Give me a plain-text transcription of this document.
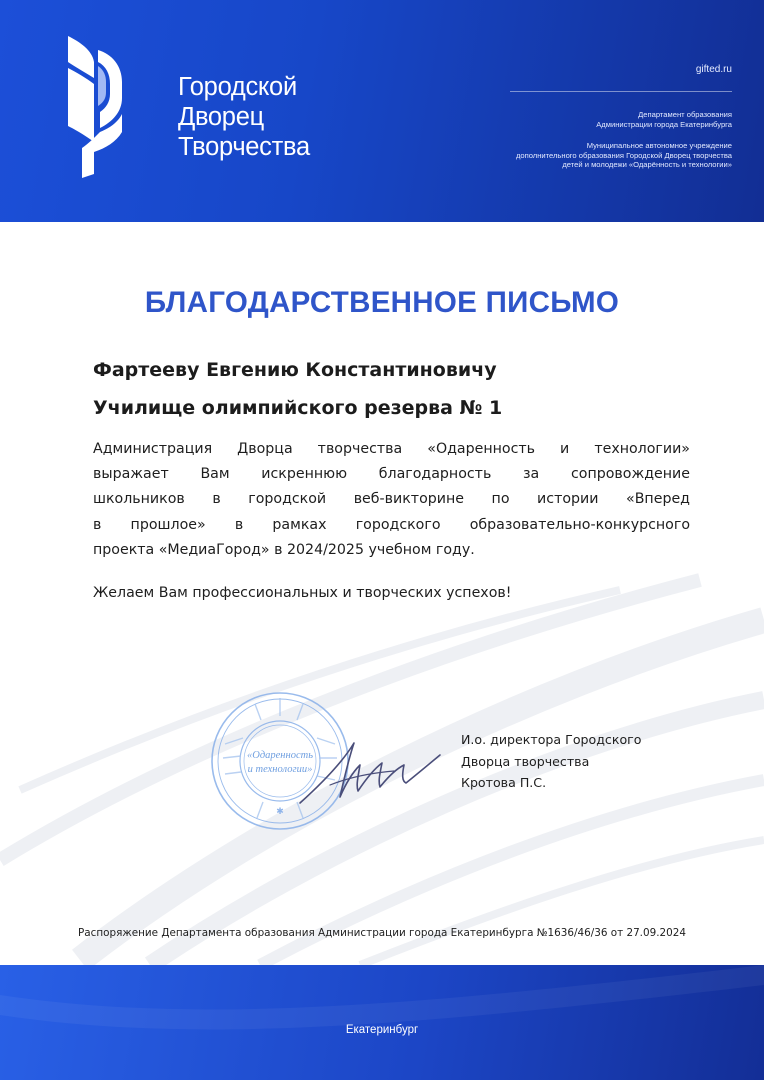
Городской
Дворец
Творчества
gifted.ru
Департамент образования
Администрации города Екатеринбурга
Муниципальное автономное учреждение
дополнительного образования Городской Дворец творчества
детей и молодежи «Одарённость и технологии»
БЛАГОДАРСТВЕННОЕ ПИСЬМО
Фартееву Евгению Константиновичу
Училище олимпийского резерва № 1
Администрация Дворца творчества «Одаренность и технологии»
выражает Вам искреннюю благодарность за сопровождение
школьников в городской веб-викторине по истории «Вперед
в прошлое» в рамках городского образовательно-конкурсного
проекта «МедиаГород» в 2024/2025 учебном году.
Желаем Вам профессиональных и творческих успехов!
«Одаренность
и технологии»
✱
И.о. директора Городского
Дворца творчества
Кротова П.С.
Распоряжение Департамента образования Администрации города Екатеринбурга №1636/46/36 от 27.09.2024
Екатеринбург
